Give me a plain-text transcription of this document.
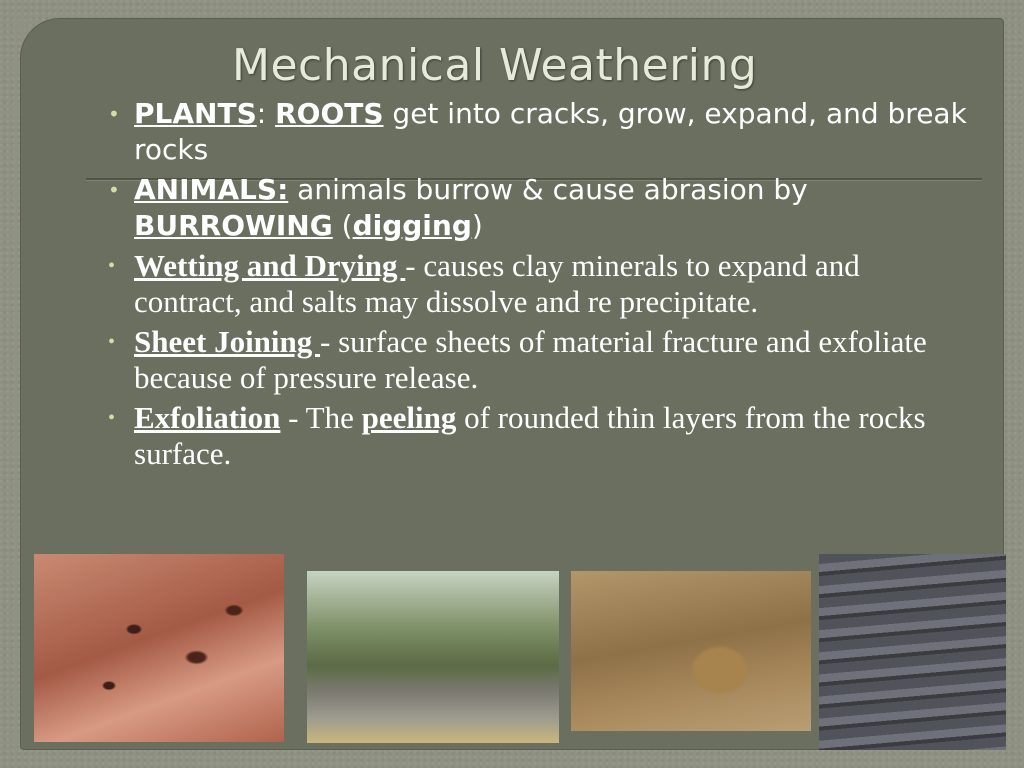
Mechanical Weathering
• PLANTS: ROOTS get into cracks, grow, expand, and break rocks
• ANIMALS: animals burrow & cause abrasion by BURROWING (digging)
• Wetting and Drying - causes clay minerals to expand and contract, and salts may dissolve and re precipitate.
• Sheet Joining - surface sheets of material fracture and exfoliate because of pressure release.
• Exfoliation - The peeling of rounded thin layers from the rocks surface.
